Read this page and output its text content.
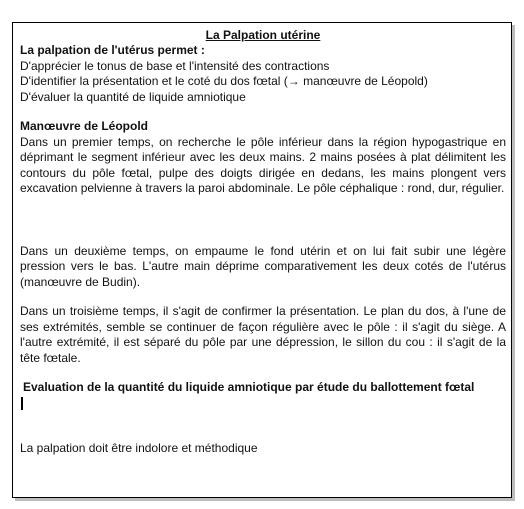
La Palpation utérine

La palpation de l'utérus permet :

D'apprécier le tonus de base et l'intensité des contractions

D'identifier la présentation et le coté du dos fœtal (→ manœuvre de Léopold)

D'évaluer la quantité de liquide amniotique

Manœuvre de Léopold

Dans un premier temps, on recherche le pôle inférieur dans la région hypogastrique en déprimant le segment inférieur avec les deux mains. 2 mains posées à plat délimitent les contours du pôle fœtal, pulpe des doigts dirigée en dedans, les mains plongent vers excavation pelvienne à travers la paroi abdominale. Le pôle céphalique : rond, dur, régulier.

Dans un deuxième temps, on empaume le fond utérin et on lui fait subir une légère pression vers le bas. L'autre main déprime comparativement les deux cotés de l'utérus (manœuvre de Budin).

Dans un troisième temps, il s'agit de confirmer la présentation. Le plan du dos, à l'une de ses extrémités, semble se continuer de façon régulière avec le pôle : il s'agit du siège. A l'autre extrémité, il est séparé du pôle par une dépression, le sillon du cou : il s'agit de la tête fœtale.

Evaluation de la quantité du liquide amniotique par étude du ballottement fœtal

La palpation doit être indolore et méthodique
